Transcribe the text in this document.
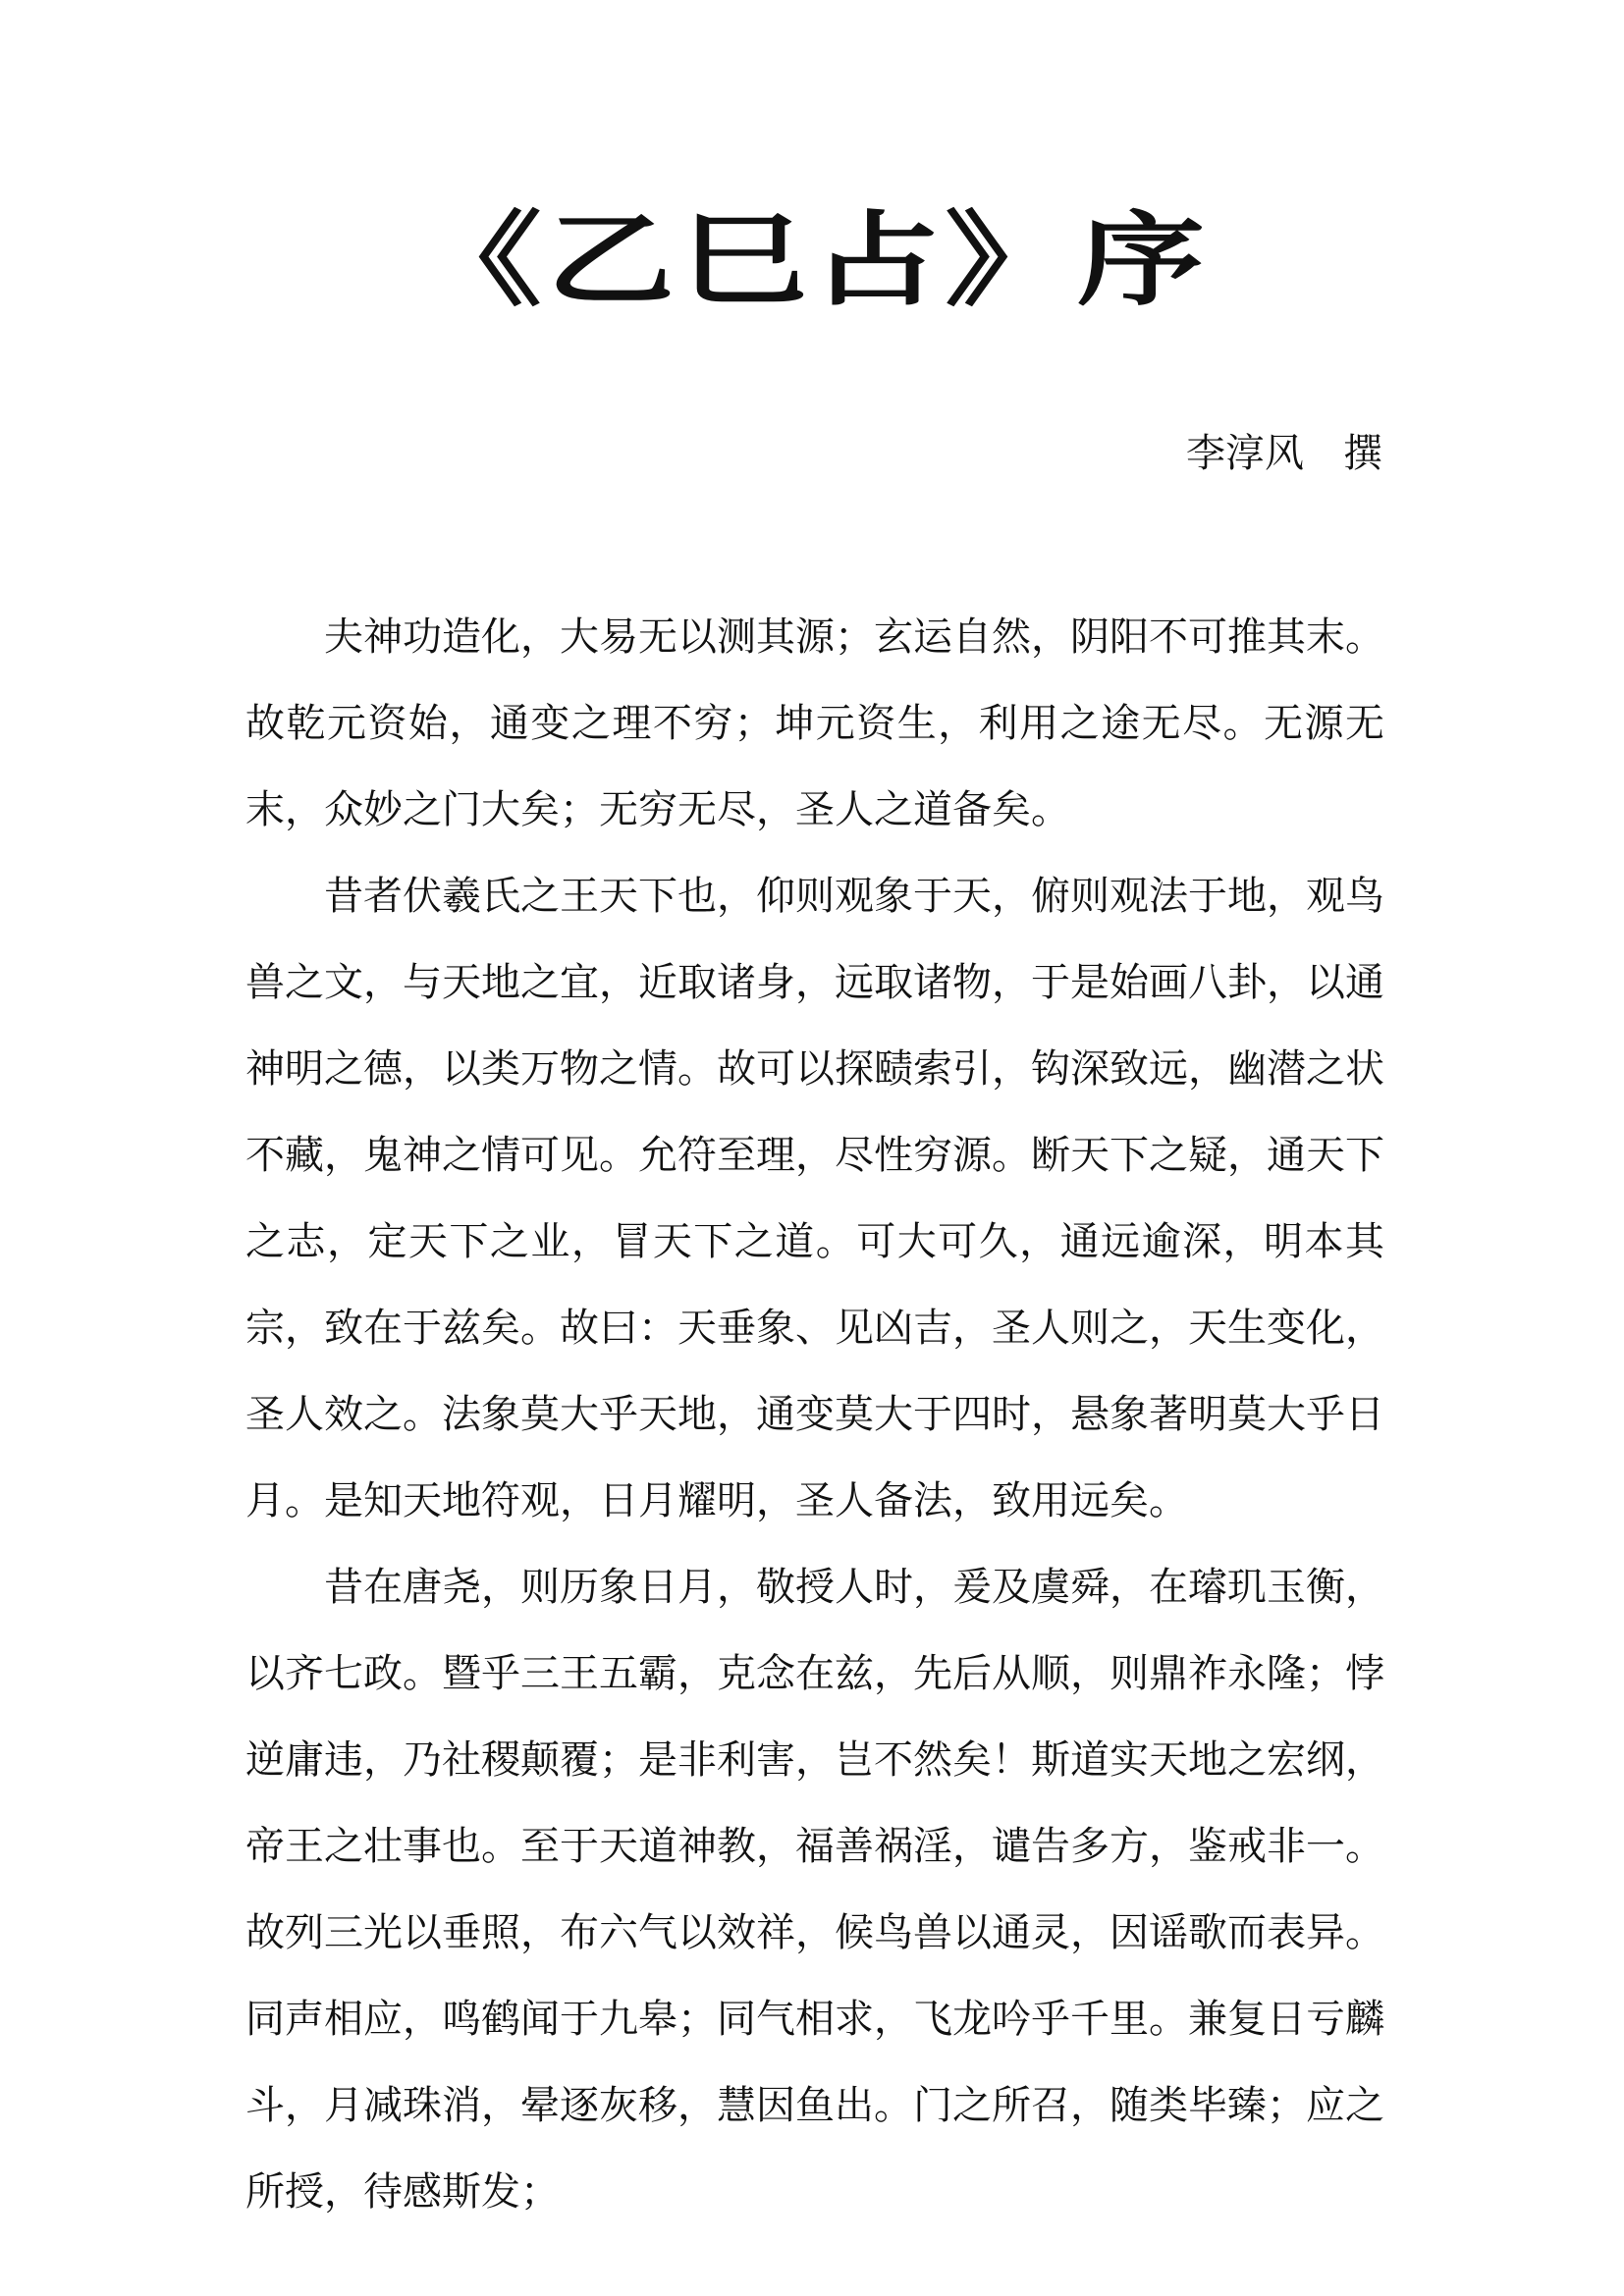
《乙巳占》序
李淳风　撰

夫神功造化，大易无以测其源；玄运自然，阴阳不可推其末。故乾元资始，通变之理不穷；坤元资生，利用之途无尽。无源无末，众妙之门大矣；无穷无尽，圣人之道备矣。

昔者伏羲氏之王天下也，仰则观象于天，俯则观法于地，观鸟兽之文，与天地之宜，近取诸身，远取诸物，于是始画八卦，以通神明之德，以类万物之情。故可以探赜索引，钩深致远，幽潜之状不藏，鬼神之情可见。允符至理，尽性穷源。断天下之疑，通天下之志，定天下之业，冒天下之道。可大可久，通远逾深，明本其宗，致在于兹矣。故曰：天垂象、见凶吉，圣人则之，天生变化，圣人效之。法象莫大乎天地，通变莫大于四时，悬象著明莫大乎日月。是知天地符观，日月耀明，圣人备法，致用远矣。

昔在唐尧，则历象日月，敬授人时，爰及虞舜，在璿玑玉衡，以齐七政。暨乎三王五霸，克念在兹，先后从顺，则鼎祚永隆；悖逆庸违，乃社稷颠覆；是非利害，岂不然矣！斯道实天地之宏纲，帝王之壮事也。至于天道神教，福善祸淫，谴告多方，鉴戒非一。故列三光以垂照，布六气以效祥，候鸟兽以通灵，因谣歌而表异。同声相应，鸣鹤闻于九皋；同气相求，飞龙吟乎千里。兼复日亏麟斗，月减珠消，晕逐灰移，慧因鱼出。门之所召，随类毕臻；应之所授，待感斯发；
